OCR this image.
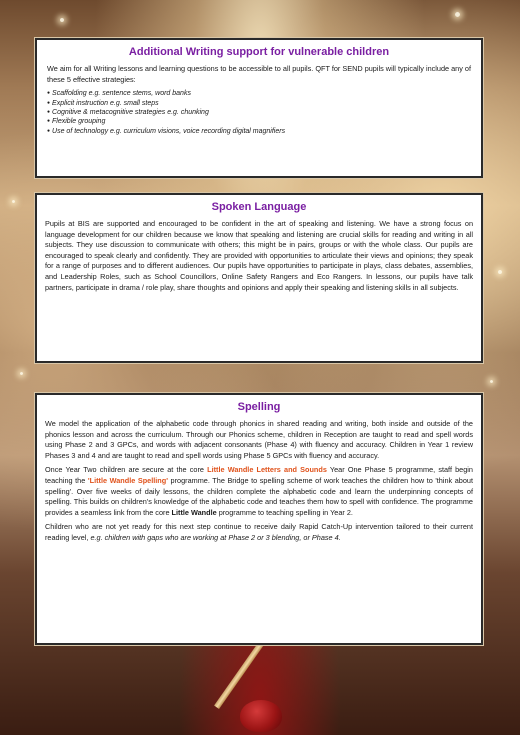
Additional Writing support for vulnerable children

We aim for all Writing lessons and learning questions to be accessible to all pupils. QFT for SEND pupils will typically include any of these 5 effective strategies:

● Scaffolding e.g. sentence stems, word banks
● Explicit instruction e.g. small steps
● Cognitive & metacognitive strategies e.g. chunking
● Flexible grouping
● Use of technology e.g. curriculum visions, voice recording digital magnifiers
Spoken Language

Pupils at BIS are supported and encouraged to be confident in the art of speaking and listening. We have a strong focus on language development for our children because we know that speaking and listening are crucial skills for reading and writing in all subjects. They use discussion to communicate with others; this might be in pairs, groups or with the whole class. Our pupils are encouraged to speak clearly and confidently. They are provided with opportunities to articulate their views and opinions; they speak for a range of purposes and to different audiences. Our pupils have opportunities to participate in plays, class debates, assemblies, and Leadership Roles, such as School Councillors, Online Safety Rangers and Eco Rangers. In lessons, our pupils have talk partners, participate in drama / role play, share thoughts and opinions and apply their speaking and listening skills in all subjects.

Spelling

We model the application of the alphabetic code through phonics in shared reading and writing, both inside and outside of the phonics lesson and across the curriculum. Through our Phonics scheme, children in Reception are taught to read and spell words using Phase 2 and 3 GPCs, and words with adjacent consonants (Phase 4) with fluency and accuracy. Children in Year 1 review Phases 3 and 4 and are taught to read and spell words using Phase 5 GPCs with fluency and accuracy.

Once Year Two children are secure at the core Little Wandle Letters and Sounds Year One Phase 5 programme, staff begin teaching the 'Little Wandle Spelling' programme. The Bridge to spelling scheme of work teaches the children how to 'think about spelling'. Over five weeks of daily lessons, the children complete the alphabetic code and learn the underpinning concepts of spelling. This builds on children's knowledge of the alphabetic code and teaches them how to spell with confidence. The programme provides a seamless link from the core Little Wandle programme to teaching spelling in Year 2.

Children who are not yet ready for this next step continue to receive daily Rapid Catch-Up intervention tailored to their current reading level, e.g. children with gaps who are working at Phase 2 or 3 blending, or Phase 4.
